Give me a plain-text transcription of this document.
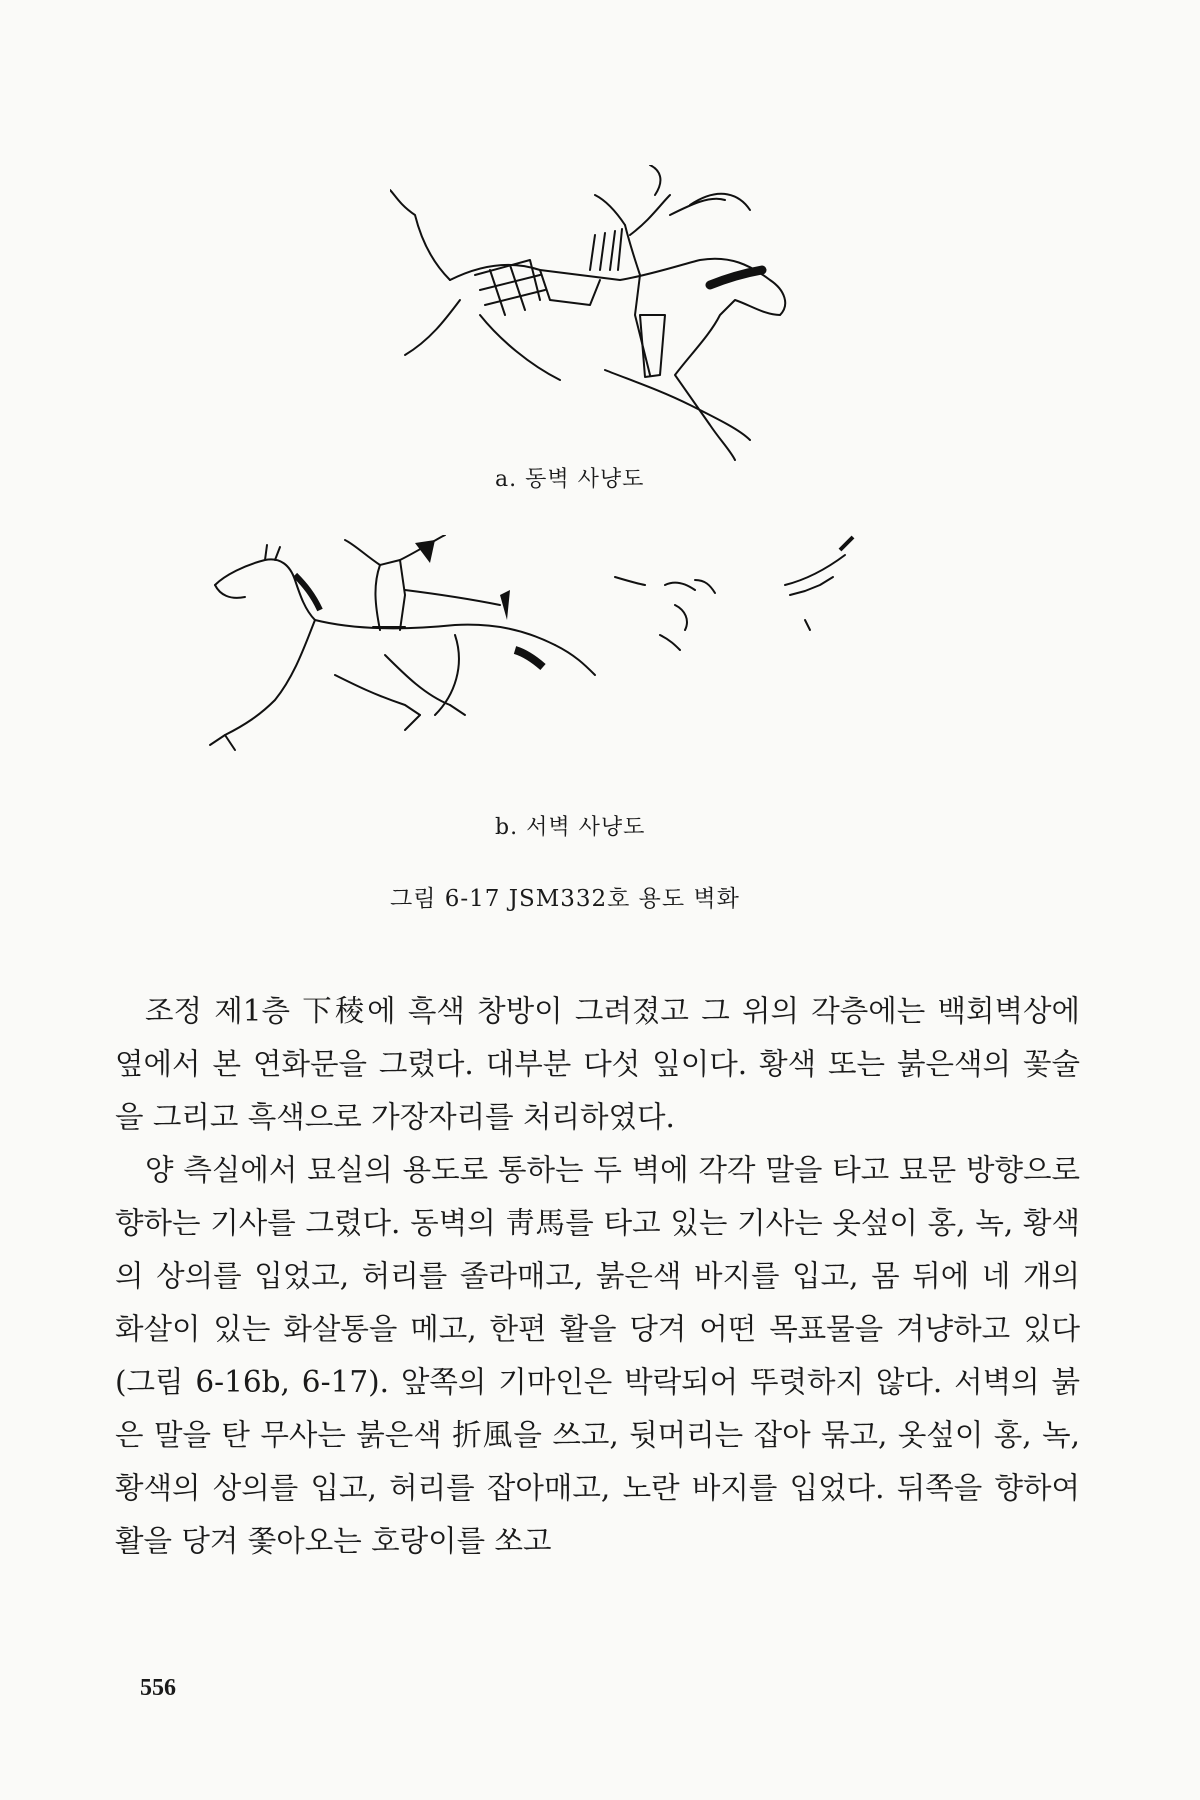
a. 동벽 사냥도
b. 서벽 사냥도
그림 6-17 JSM332호 용도 벽화

조정 제1층 下稜에 흑색 창방이 그려졌고 그 위의 각층에는 백회벽상에 옆에서 본 연화문을 그렸다. 대부분 다섯 잎이다. 황색 또는 붉은색의 꽃술을 그리고 흑색으로 가장자리를 처리하였다.

양 측실에서 묘실의 용도로 통하는 두 벽에 각각 말을 타고 묘문 방향으로 향하는 기사를 그렸다. 동벽의 靑馬를 타고 있는 기사는 옷섶이 홍, 녹, 황색의 상의를 입었고, 허리를 졸라매고, 붉은색 바지를 입고, 몸 뒤에 네 개의 화살이 있는 화살통을 메고, 한편 활을 당겨 어떤 목표물을 겨냥하고 있다(그림 6-16b, 6-17). 앞쪽의 기마인은 박락되어 뚜렷하지 않다. 서벽의 붉은 말을 탄 무사는 붉은색 折風을 쓰고, 뒷머리는 잡아 묶고, 옷섶이 홍, 녹, 황색의 상의를 입고, 허리를 잡아매고, 노란 바지를 입었다. 뒤쪽을 향하여 활을 당겨 쫓아오는 호랑이를 쏘고

556
